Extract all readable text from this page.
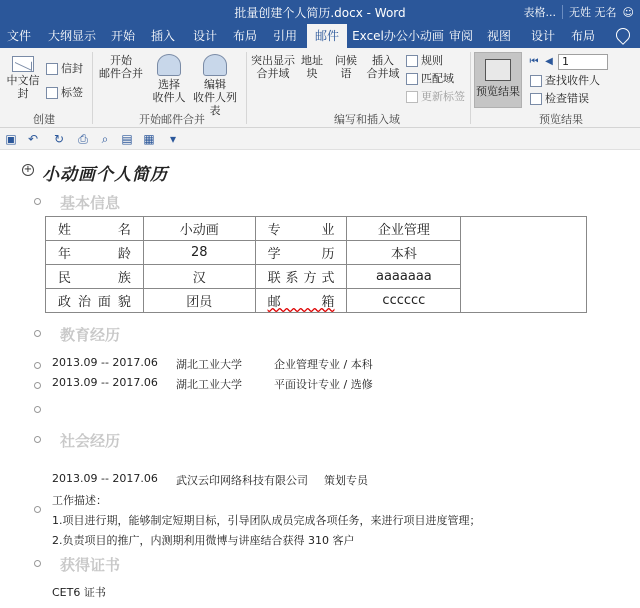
批量创建个人简历.docx - Word	表格... 无姓 无名 ☺
文件	大纲显示	开始	插入	设计	布局	引用	邮件	Excel办公小动画 审阅 视图 设计 布局
中文信封
信封
标签
创建
开始
邮件合并
选择
收件人
编辑
收件人列表
开始邮件合并
突出显示
合并域
地址块
问候语
插入
合并域
规则
匹配域
更新标签
编写和插入域
预览结果
⏮ ◀ 1
查找收件人
检查错误
预览结果
▣ ↶ ↻ ⎙	⌕	▤ ▦	▾
+ 小动画个人简历
基本信息
姓 名	小动画	专 业	企业管理	
年 龄	28	学 历	本科	
民 族	汉	联系方式	aaaaaaa	
政治面貌	团员	邮 箱	cccccc	
教育经历
2013.09 -- 2017.06 湖北工业大学	企业管理专业 / 本科
2013.09 -- 2017.06 湖北工业大学	平面设计专业 / 选修
社会经历
2013.09 -- 2017.06 武汉云印网络科技有限公司 策划专员
工作描述：
1.项目进行期，能够制定短期目标，引导团队成员完成各项任务，来进行项目进度管理；
2.负责项目的推广，内测期利用微博与讲座结合获得 310 客户
获得证书
CET6 证书
